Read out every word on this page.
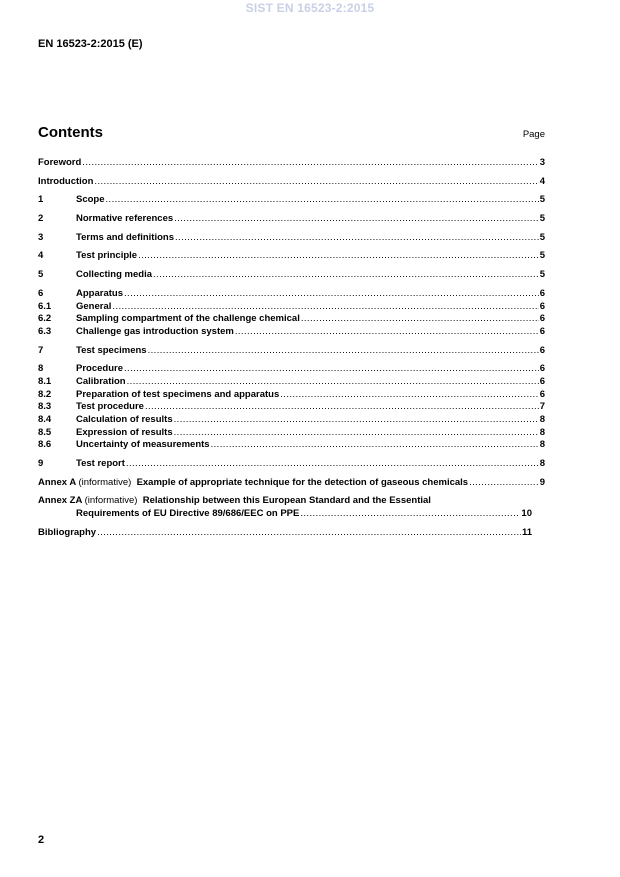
SIST EN 16523-2:2015
EN 16523-2:2015 (E)
Contents	Page
Foreword .....	3
Introduction .....	4
1	Scope .....	5
2	Normative references .....	5
3	Terms and definitions .....	5
4	Test principle .....	5
5	Collecting media .....	5
6	Apparatus .....	6
6.1	General .....	6
6.2	Sampling compartment of the challenge chemical .....	6
6.3	Challenge gas introduction system .....	6
7	Test specimens .....	6
8	Procedure .....	6
8.1	Calibration .....	6
8.2	Preparation of test specimens and apparatus .....	6
8.3	Test procedure .....	7
8.4	Calculation of results .....	8
8.5	Expression of results .....	8
8.6	Uncertainty of measurements .....	8
9	Test report .....	8
Annex A (informative) Example of appropriate technique for the detection of gaseous chemicals .....	9
Annex ZA (informative) Relationship between this European Standard and the Essential
Requirements of EU Directive 89/686/EEC on PPE .....	10
Bibliography .....	11
2
